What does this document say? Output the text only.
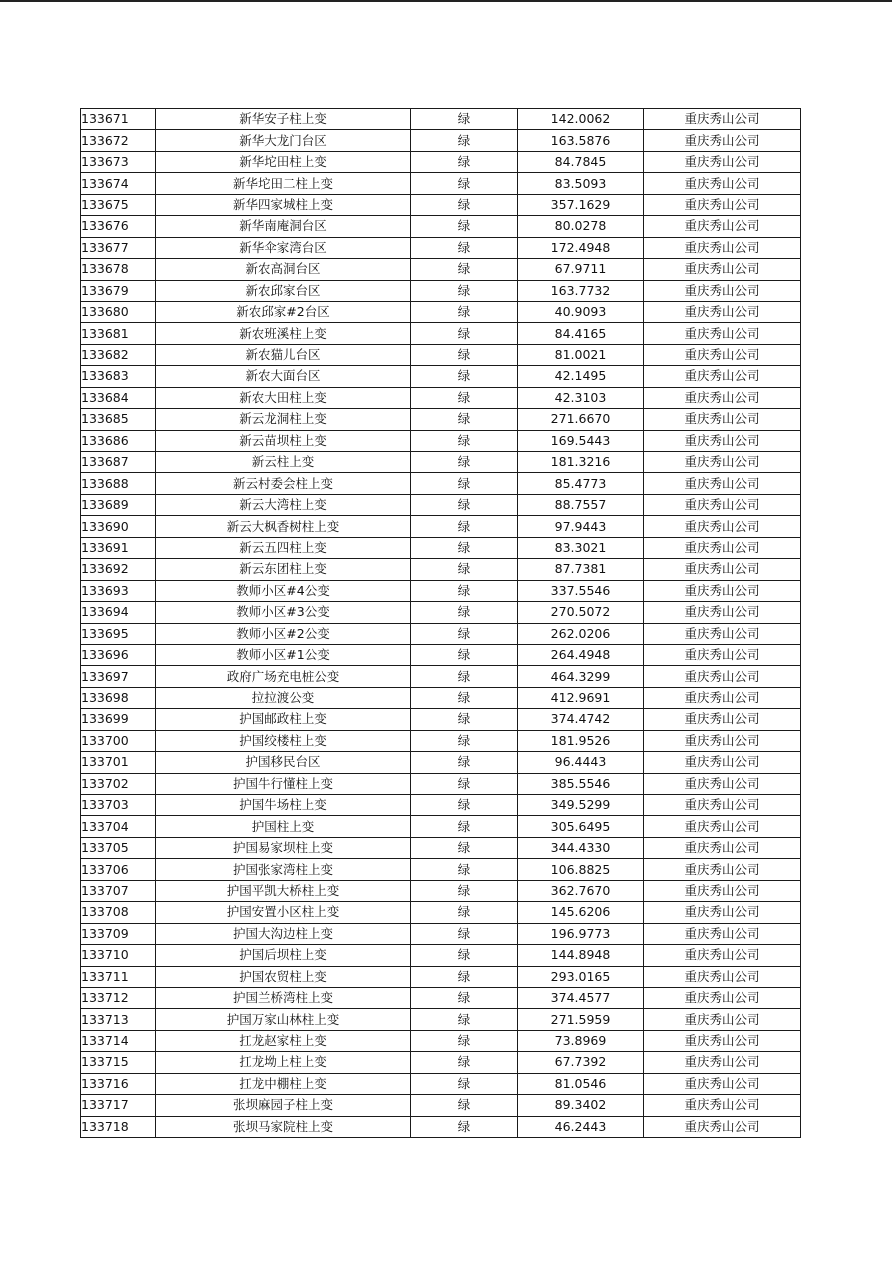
133671	新华安子柱上变	绿	142.0062	重庆秀山公司
133672	新华大龙门台区	绿	163.5876	重庆秀山公司
133673	新华坨田柱上变	绿	84.7845	重庆秀山公司
133674	新华坨田二柱上变	绿	83.5093	重庆秀山公司
133675	新华四家城柱上变	绿	357.1629	重庆秀山公司
133676	新华南庵洞台区	绿	80.0278	重庆秀山公司
133677	新华伞家湾台区	绿	172.4948	重庆秀山公司
133678	新农高洞台区	绿	67.9711	重庆秀山公司
133679	新农邱家台区	绿	163.7732	重庆秀山公司
133680	新农邱家#2台区	绿	40.9093	重庆秀山公司
133681	新农班溪柱上变	绿	84.4165	重庆秀山公司
133682	新农猫儿台区	绿	81.0021	重庆秀山公司
133683	新农大面台区	绿	42.1495	重庆秀山公司
133684	新农大田柱上变	绿	42.3103	重庆秀山公司
133685	新云龙洞柱上变	绿	271.6670	重庆秀山公司
133686	新云苗坝柱上变	绿	169.5443	重庆秀山公司
133687	新云柱上变	绿	181.3216	重庆秀山公司
133688	新云村委会柱上变	绿	85.4773	重庆秀山公司
133689	新云大湾柱上变	绿	88.7557	重庆秀山公司
133690	新云大枫香树柱上变	绿	97.9443	重庆秀山公司
133691	新云五四柱上变	绿	83.3021	重庆秀山公司
133692	新云东团柱上变	绿	87.7381	重庆秀山公司
133693	教师小区#4公变	绿	337.5546	重庆秀山公司
133694	教师小区#3公变	绿	270.5072	重庆秀山公司
133695	教师小区#2公变	绿	262.0206	重庆秀山公司
133696	教师小区#1公变	绿	264.4948	重庆秀山公司
133697	政府广场充电桩公变	绿	464.3299	重庆秀山公司
133698	拉拉渡公变	绿	412.9691	重庆秀山公司
133699	护国邮政柱上变	绿	374.4742	重庆秀山公司
133700	护国绞楼柱上变	绿	181.9526	重庆秀山公司
133701	护国移民台区	绿	96.4443	重庆秀山公司
133702	护国牛行懂柱上变	绿	385.5546	重庆秀山公司
133703	护国牛场柱上变	绿	349.5299	重庆秀山公司
133704	护国柱上变	绿	305.6495	重庆秀山公司
133705	护国易家坝柱上变	绿	344.4330	重庆秀山公司
133706	护国张家湾柱上变	绿	106.8825	重庆秀山公司
133707	护国平凯大桥柱上变	绿	362.7670	重庆秀山公司
133708	护国安置小区柱上变	绿	145.6206	重庆秀山公司
133709	护国大沟边柱上变	绿	196.9773	重庆秀山公司
133710	护国后坝柱上变	绿	144.8948	重庆秀山公司
133711	护国农贸柱上变	绿	293.0165	重庆秀山公司
133712	护国兰桥湾柱上变	绿	374.4577	重庆秀山公司
133713	护国万家山林柱上变	绿	271.5959	重庆秀山公司
133714	扛龙赵家柱上变	绿	73.8969	重庆秀山公司
133715	扛龙坳上柱上变	绿	67.7392	重庆秀山公司
133716	扛龙中棚柱上变	绿	81.0546	重庆秀山公司
133717	张坝麻园子柱上变	绿	89.3402	重庆秀山公司
133718	张坝马家院柱上变	绿	46.2443	重庆秀山公司
